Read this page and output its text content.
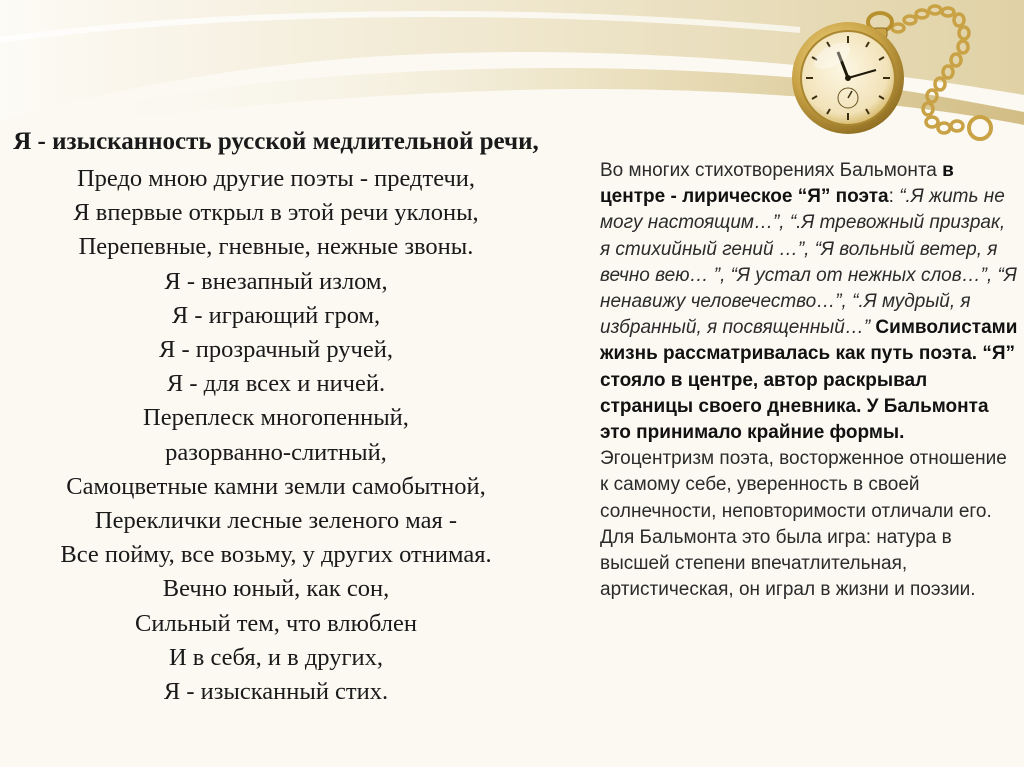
Я - изысканность русской медлительной речи,
Предо мною другие поэты - предтечи,
Я впервые открыл в этой речи уклоны,
Перепевные, гневные, нежные звоны.
Я - внезапный излом,
Я - играющий гром,
Я - прозрачный ручей,
Я - для всех и ничей.
Переплеск многопенный,
разорванно-слитный,
Самоцветные камни земли самобытной,
Переклички лесные зеленого мая -
Все пойму, все возьму, у других отнимая.
Вечно юный, как сон,
Сильный тем, что влюблен
И в себя, и в других,
Я - изысканный стих.

Во многих стихотворениях Бальмонта в центре - лирическое “Я” поэта: “.Я жить не могу настоящим…”, “.Я тревожный призрак, я стихийный гений …”, “Я вольный ветер, я вечно вею… ”, “Я устал от нежных слов…”, “Я ненавижу человечество…”, “.Я мудрый, я избранный, я посвященный…” Символистами жизнь рассматривалась как путь поэта. “Я” стояло в центре, автор раскрывал страницы своего дневника. У Бальмонта это принимало крайние формы. Эгоцентризм поэта, восторженное отношение к самому себе, уверенность в своей солнечности, неповторимости отличали его. Для Бальмонта это была игра: натура в высшей степени впечатлительная, артистическая, он играл в жизни и поэзии.
